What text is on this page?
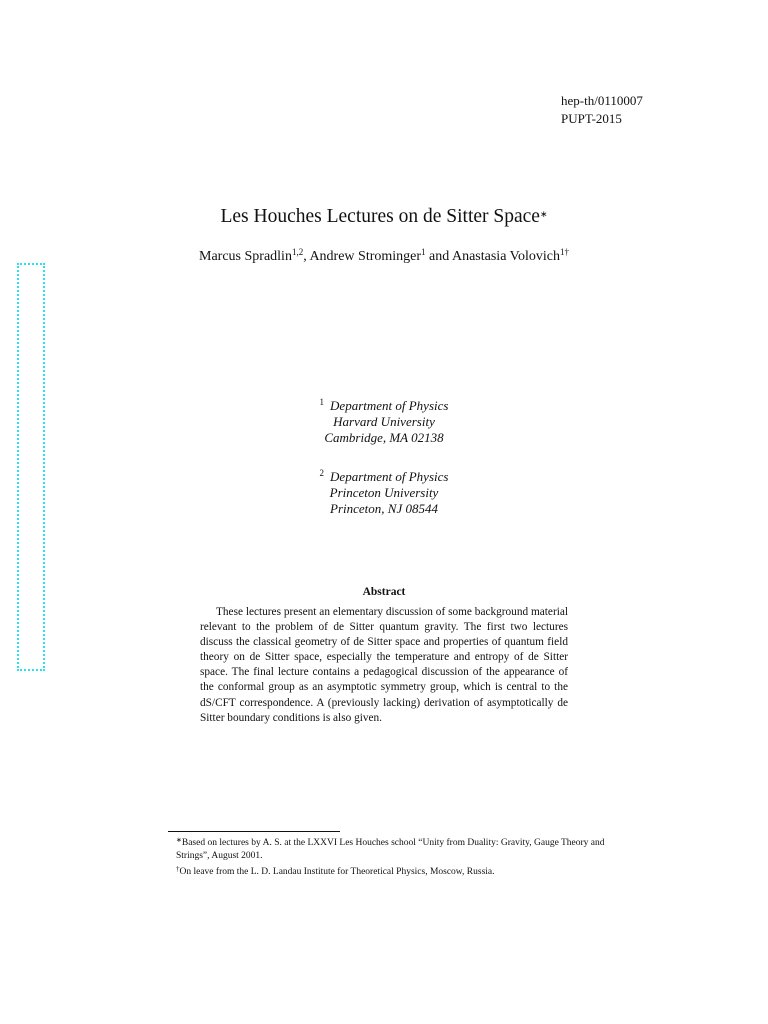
hep-th/0110007
PUPT-2015
Les Houches Lectures on de Sitter Space∗
Marcus Spradlin$^{1,2}$, Andrew Strominger$^1$ and Anastasia Volovich$^{1\dagger}$
$^1$ Department of Physics
Harvard University
Cambridge, MA 02138
$^2$ Department of Physics
Princeton University
Princeton, NJ 08544
Abstract
These lectures present an elementary discussion of some background material relevant to the problem of de Sitter quantum gravity. The first two lectures discuss the classical geometry of de Sitter space and properties of quantum field theory on de Sitter space, especially the temperature and entropy of de Sitter space. The final lecture contains a pedagogical discussion of the appearance of the conformal group as an asymptotic symmetry group, which is central to the dS/CFT correspondence. A (previously lacking) derivation of asymptotically de Sitter boundary conditions is also given.
∗Based on lectures by A. S. at the LXXVI Les Houches school “Unity from Duality: Gravity, Gauge Theory and Strings”, August 2001.
†On leave from the L. D. Landau Institute for Theoretical Physics, Moscow, Russia.
